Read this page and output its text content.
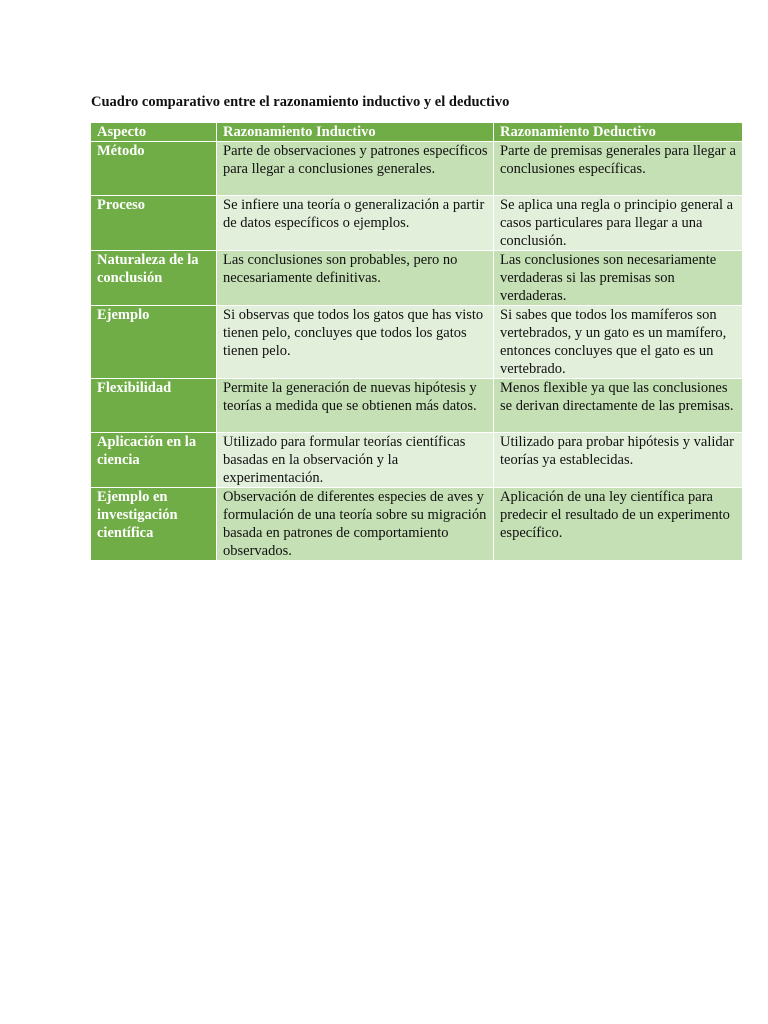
Cuadro comparativo entre el razonamiento inductivo y el deductivo
Aspecto	Razonamiento Inductivo	Razonamiento Deductivo
Método	Parte de observaciones y patrones específicos para llegar a conclusiones generales.	Parte de premisas generales para llegar a conclusiones específicas.
Proceso	Se infiere una teoría o generalización a partir de datos específicos o ejemplos.	Se aplica una regla o principio general a casos particulares para llegar a una conclusión.
Naturaleza de la conclusión	Las conclusiones son probables, pero no necesariamente definitivas.	Las conclusiones son necesariamente verdaderas si las premisas son verdaderas.
Ejemplo	Si observas que todos los gatos que has visto tienen pelo, concluyes que todos los gatos tienen pelo.	Si sabes que todos los mamíferos son vertebrados, y un gato es un mamífero, entonces concluyes que el gato es un vertebrado.
Flexibilidad	Permite la generación de nuevas hipótesis y teorías a medida que se obtienen más datos.	Menos flexible ya que las conclusiones se derivan directamente de las premisas.
Aplicación en la ciencia	Utilizado para formular teorías científicas basadas en la observación y la experimentación.	Utilizado para probar hipótesis y validar teorías ya establecidas.
Ejemplo en investigación científica	Observación de diferentes especies de aves y formulación de una teoría sobre su migración basada en patrones de comportamiento observados.	Aplicación de una ley científica para predecir el resultado de un experimento específico.
